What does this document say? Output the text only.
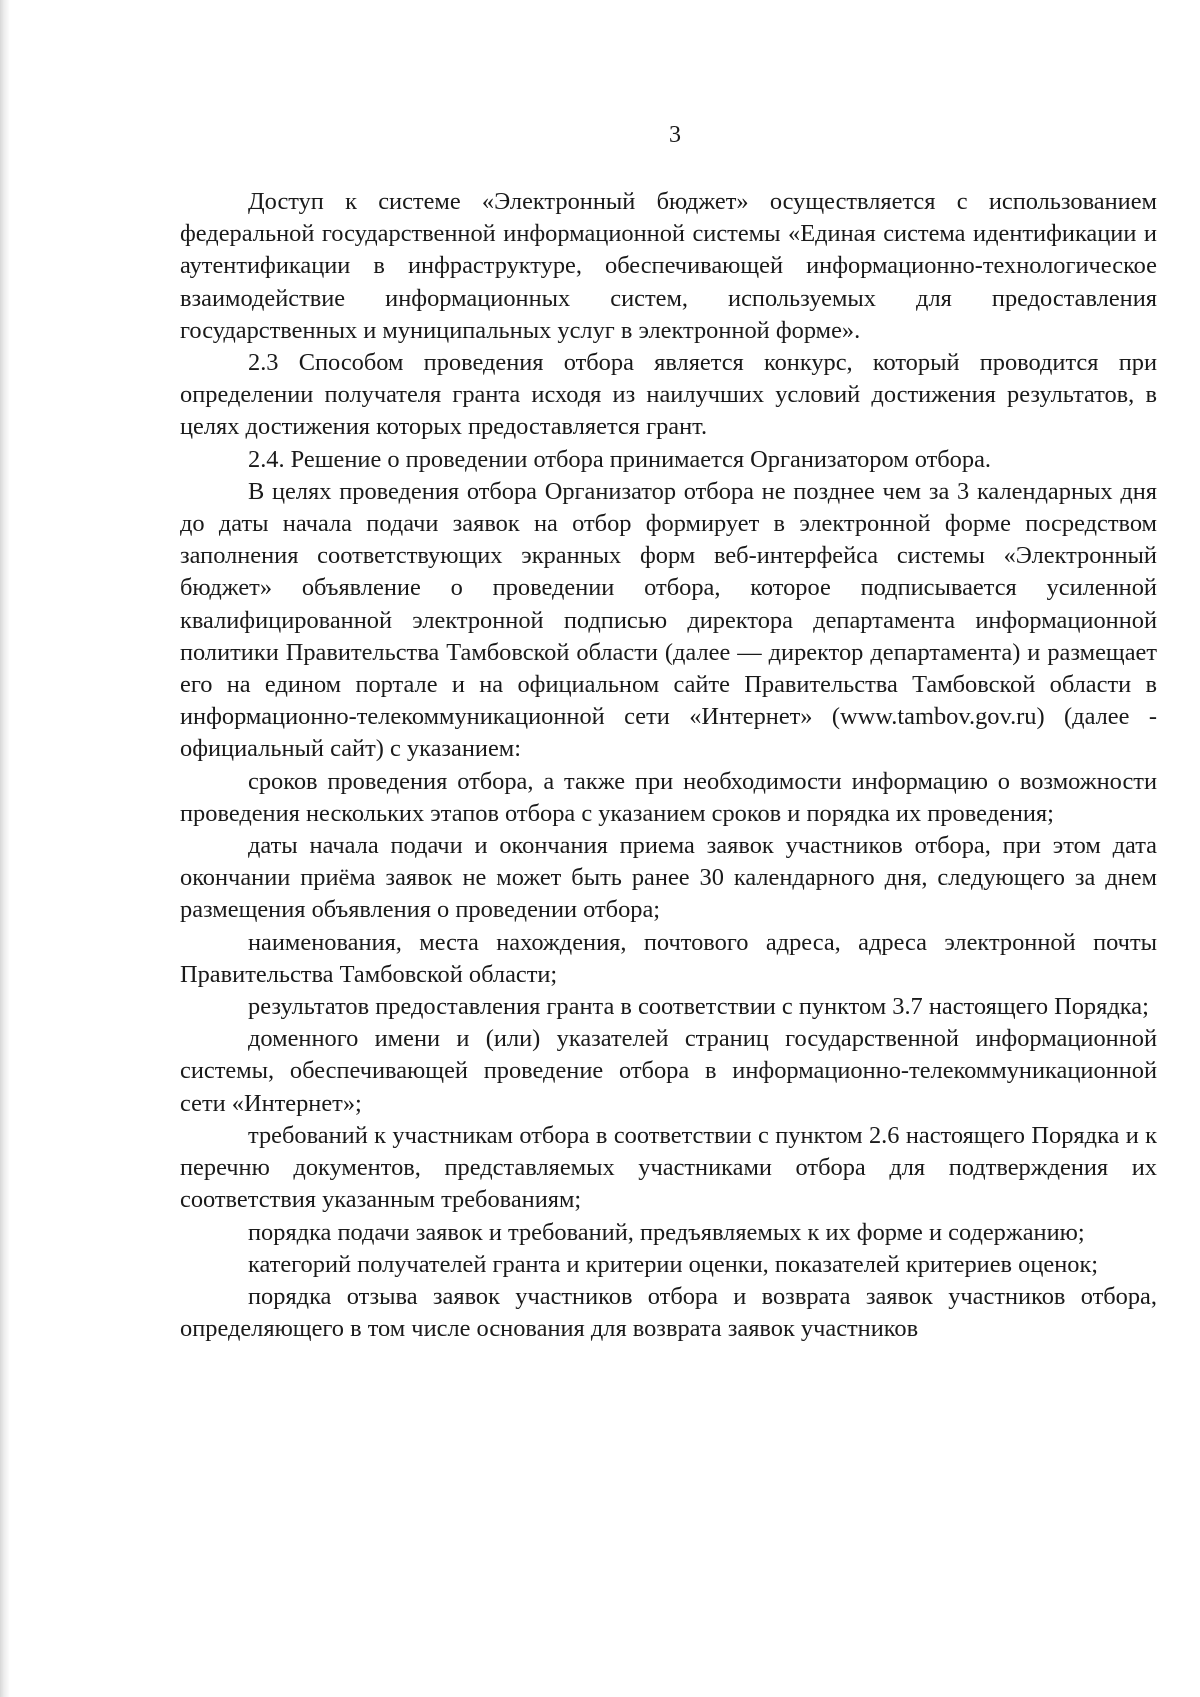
3

Доступ к системе «Электронный бюджет» осуществляется с использованием федеральной государственной информационной системы «Единая система идентификации и аутентификации в инфраструктуре, обеспечивающей информационно-технологическое взаимодействие информационных систем, используемых для предоставления государственных и муниципальных услуг в электронной форме».

2.3 Способом проведения отбора является конкурс, который проводится при определении получателя гранта исходя из наилучших условий достижения результатов, в целях достижения которых предоставляется грант.

2.4. Решение о проведении отбора принимается Организатором отбора.

В целях проведения отбора Организатор отбора не позднее чем за 3 календарных дня до даты начала подачи заявок на отбор формирует в электронной форме посредством заполнения соответствующих экранных форм веб-интерфейса системы «Электронный бюджет» объявление о проведении отбора, которое подписывается усиленной квалифицированной электронной подписью директора департамента информационной политики Правительства Тамбовской области (далее — директор департамента) и размещает его на едином портале и на официальном сайте Правительства Тамбовской области в информационно-телекоммуникационной сети «Интернет» (www.tambov.gov.ru) (далее - официальный сайт) с указанием:

сроков проведения отбора, а также при необходимости информацию о возможности проведения нескольких этапов отбора с указанием сроков и порядка их проведения;

даты начала подачи и окончания приема заявок участников отбора, при этом дата окончании приёма заявок не может быть ранее 30 календарного дня, следующего за днем размещения объявления о проведении отбора;

наименования, места нахождения, почтового адреса, адреса электронной почты Правительства Тамбовской области;

результатов предоставления гранта в соответствии с пунктом 3.7 настоящего Порядка;

доменного имени и (или) указателей страниц государственной информационной системы, обеспечивающей проведение отбора в информационно-телекоммуникационной сети «Интернет»;

требований к участникам отбора в соответствии с пунктом 2.6 настоящего Порядка и к перечню документов, представляемых участниками отбора для подтверждения их соответствия указанным требованиям;

порядка подачи заявок и требований, предъявляемых к их форме и содержанию;

категорий получателей гранта и критерии оценки, показателей критериев оценок;

порядка отзыва заявок участников отбора и возврата заявок участников отбора, определяющего в том числе основания для возврата заявок участников
